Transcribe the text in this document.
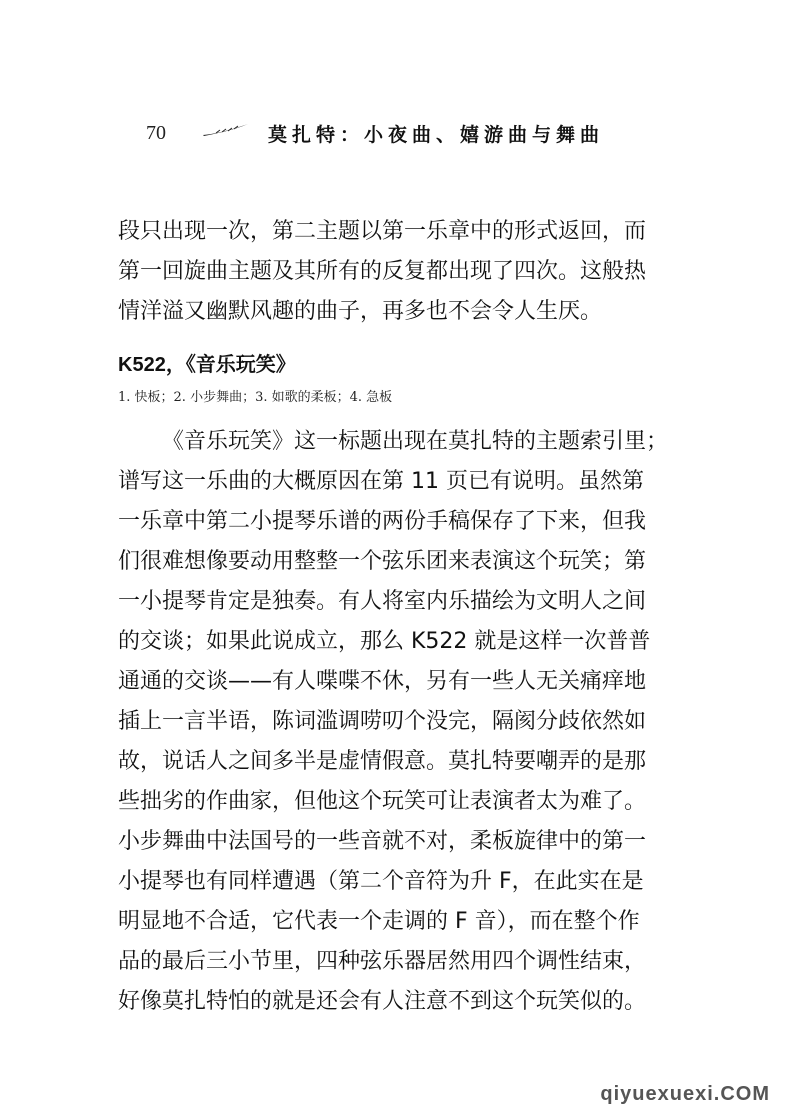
70	莫扎特：小夜曲、嬉游曲与舞曲
段只出现一次，第二主题以第一乐章中的形式返回，而
第一回旋曲主题及其所有的反复都出现了四次。这般热
情洋溢又幽默风趣的曲子，再多也不会令人生厌。
K522，《音乐玩笑》
1. 快板；2. 小步舞曲；3. 如歌的柔板；4. 急板
《音乐玩笑》这一标题出现在莫扎特的主题索引里；
谱写这一乐曲的大概原因在第 11 页已有说明。虽然第
一乐章中第二小提琴乐谱的两份手稿保存了下来，但我
们很难想像要动用整整一个弦乐团来表演这个玩笑；第
一小提琴肯定是独奏。有人将室内乐描绘为文明人之间
的交谈；如果此说成立，那么 K522 就是这样一次普普
通通的交谈——有人喋喋不休，另有一些人无关痛痒地
插上一言半语，陈词滥调唠叨个没完，隔阂分歧依然如
故，说话人之间多半是虚情假意。莫扎特要嘲弄的是那
些拙劣的作曲家，但他这个玩笑可让表演者太为难了。
小步舞曲中法国号的一些音就不对，柔板旋律中的第一
小提琴也有同样遭遇（第二个音符为升 F，在此实在是
明显地不合适，它代表一个走调的 F 音），而在整个作
品的最后三小节里，四种弦乐器居然用四个调性结束，
好像莫扎特怕的就是还会有人注意不到这个玩笑似的。
qiyuexuexi.COM
